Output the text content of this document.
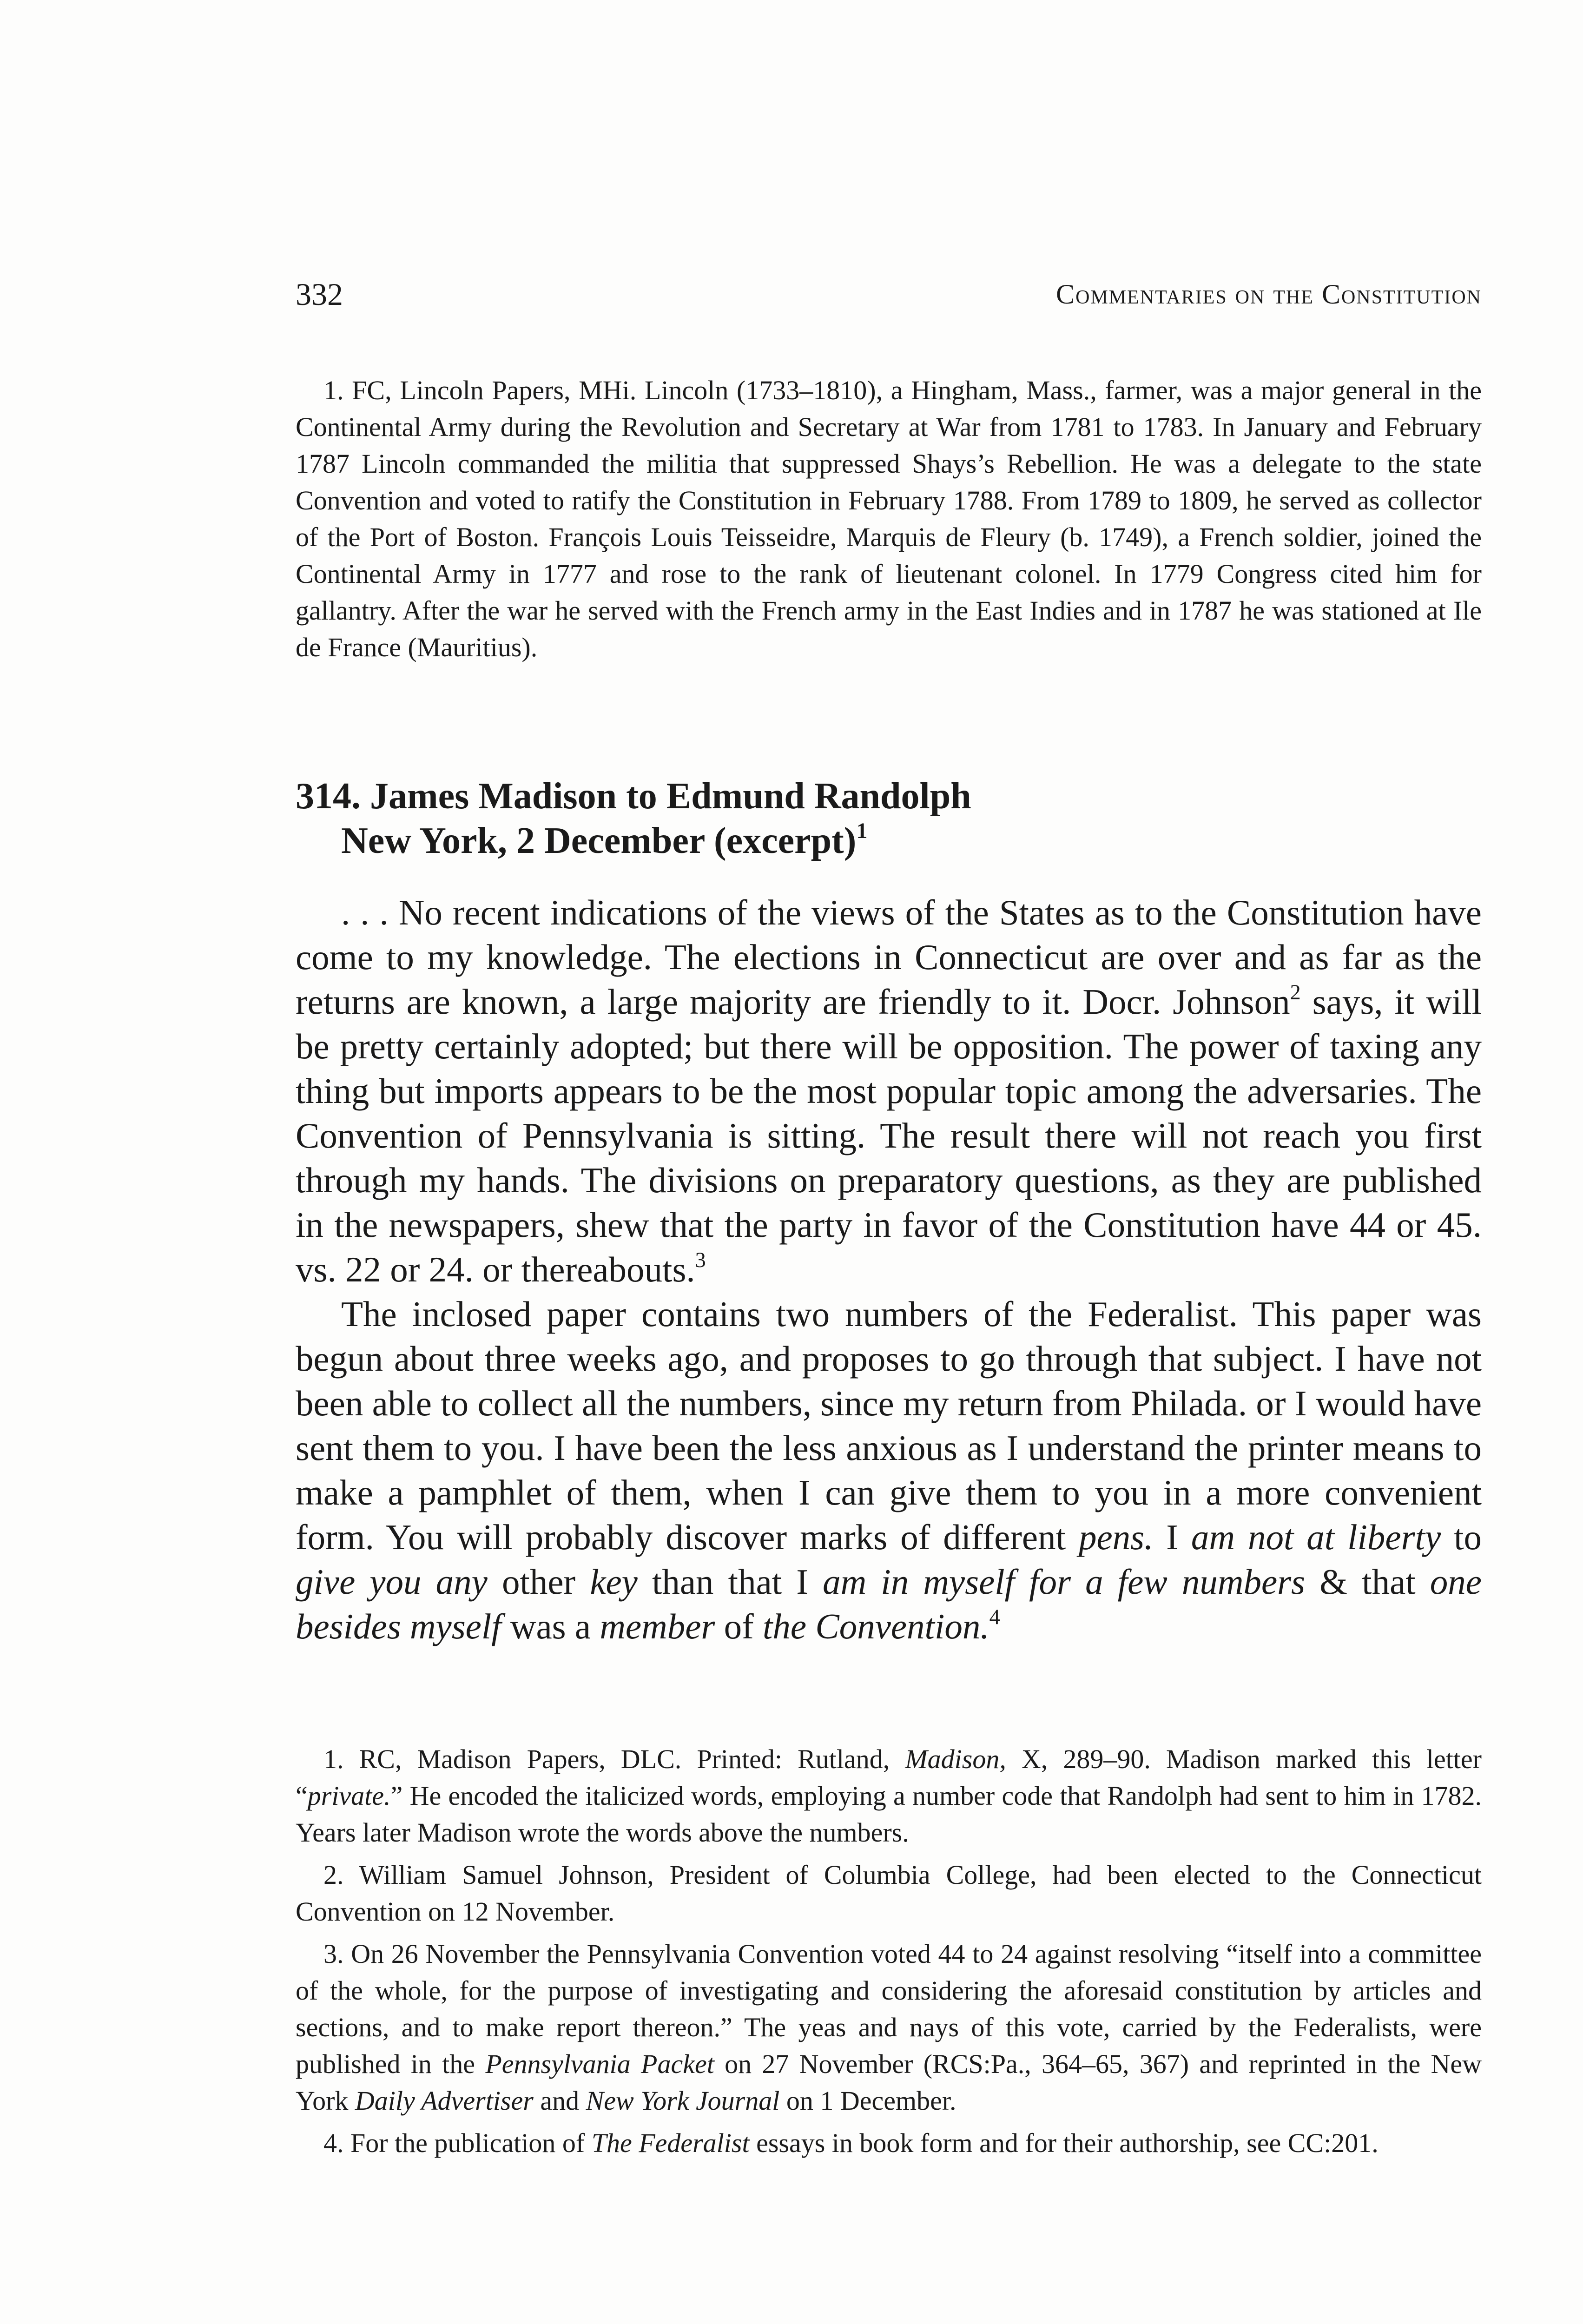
332	Commentaries on the Constitution

1. FC, Lincoln Papers, MHi. Lincoln (1733–1810), a Hingham, Mass., farmer, was a major general in the Continental Army during the Revolution and Secretary at War from 1781 to 1783. In January and February 1787 Lincoln commanded the militia that suppressed Shays’s Rebellion. He was a delegate to the state Convention and voted to ratify the Constitution in February 1788. From 1789 to 1809, he served as collector of the Port of Boston. François Louis Teisseidre, Marquis de Fleury (b. 1749), a French soldier, joined the Continental Army in 1777 and rose to the rank of lieutenant colonel. In 1779 Congress cited him for gallantry. After the war he served with the French army in the East Indies and in 1787 he was stationed at Ile de France (Mauritius).

314. James Madison to Edmund Randolph
New York, 2 December (excerpt)$^1$

. . . No recent indications of the views of the States as to the Constitution have come to my knowledge. The elections in Connecticut are over and as far as the returns are known, a large majority are friendly to it. Docr. Johnson$^2$ says, it will be pretty certainly adopted; but there will be opposition. The power of taxing any thing but imports appears to be the most popular topic among the adversaries. The Convention of Pennsylvania is sitting. The result there will not reach you first through my hands. The divisions on preparatory questions, as they are published in the newspapers, shew that the party in favor of the Constitution have 44 or 45. vs. 22 or 24. or thereabouts.$^3$

The inclosed paper contains two numbers of the Federalist. This paper was begun about three weeks ago, and proposes to go through that subject. I have not been able to collect all the numbers, since my return from Philada. or I would have sent them to you. I have been the less anxious as I understand the printer means to make a pamphlet of them, when I can give them to you in a more convenient form. You will probably discover marks of different pens. I am not at liberty to give you any other key than that I am in myself for a few numbers & that one besides myself was a member of the Convention.$^4$

1. RC, Madison Papers, DLC. Printed: Rutland, Madison, X, 289–90. Madison marked this letter “private.” He encoded the italicized words, employing a number code that Randolph had sent to him in 1782. Years later Madison wrote the words above the numbers.

2. William Samuel Johnson, President of Columbia College, had been elected to the Connecticut Convention on 12 November.

3. On 26 November the Pennsylvania Convention voted 44 to 24 against resolving “itself into a committee of the whole, for the purpose of investigating and considering the aforesaid constitution by articles and sections, and to make report thereon.” The yeas and nays of this vote, carried by the Federalists, were published in the Pennsylvania Packet on 27 November (RCS:Pa., 364–65, 367) and reprinted in the New York Daily Advertiser and New York Journal on 1 December.

4. For the publication of The Federalist essays in book form and for their authorship, see CC:201.
